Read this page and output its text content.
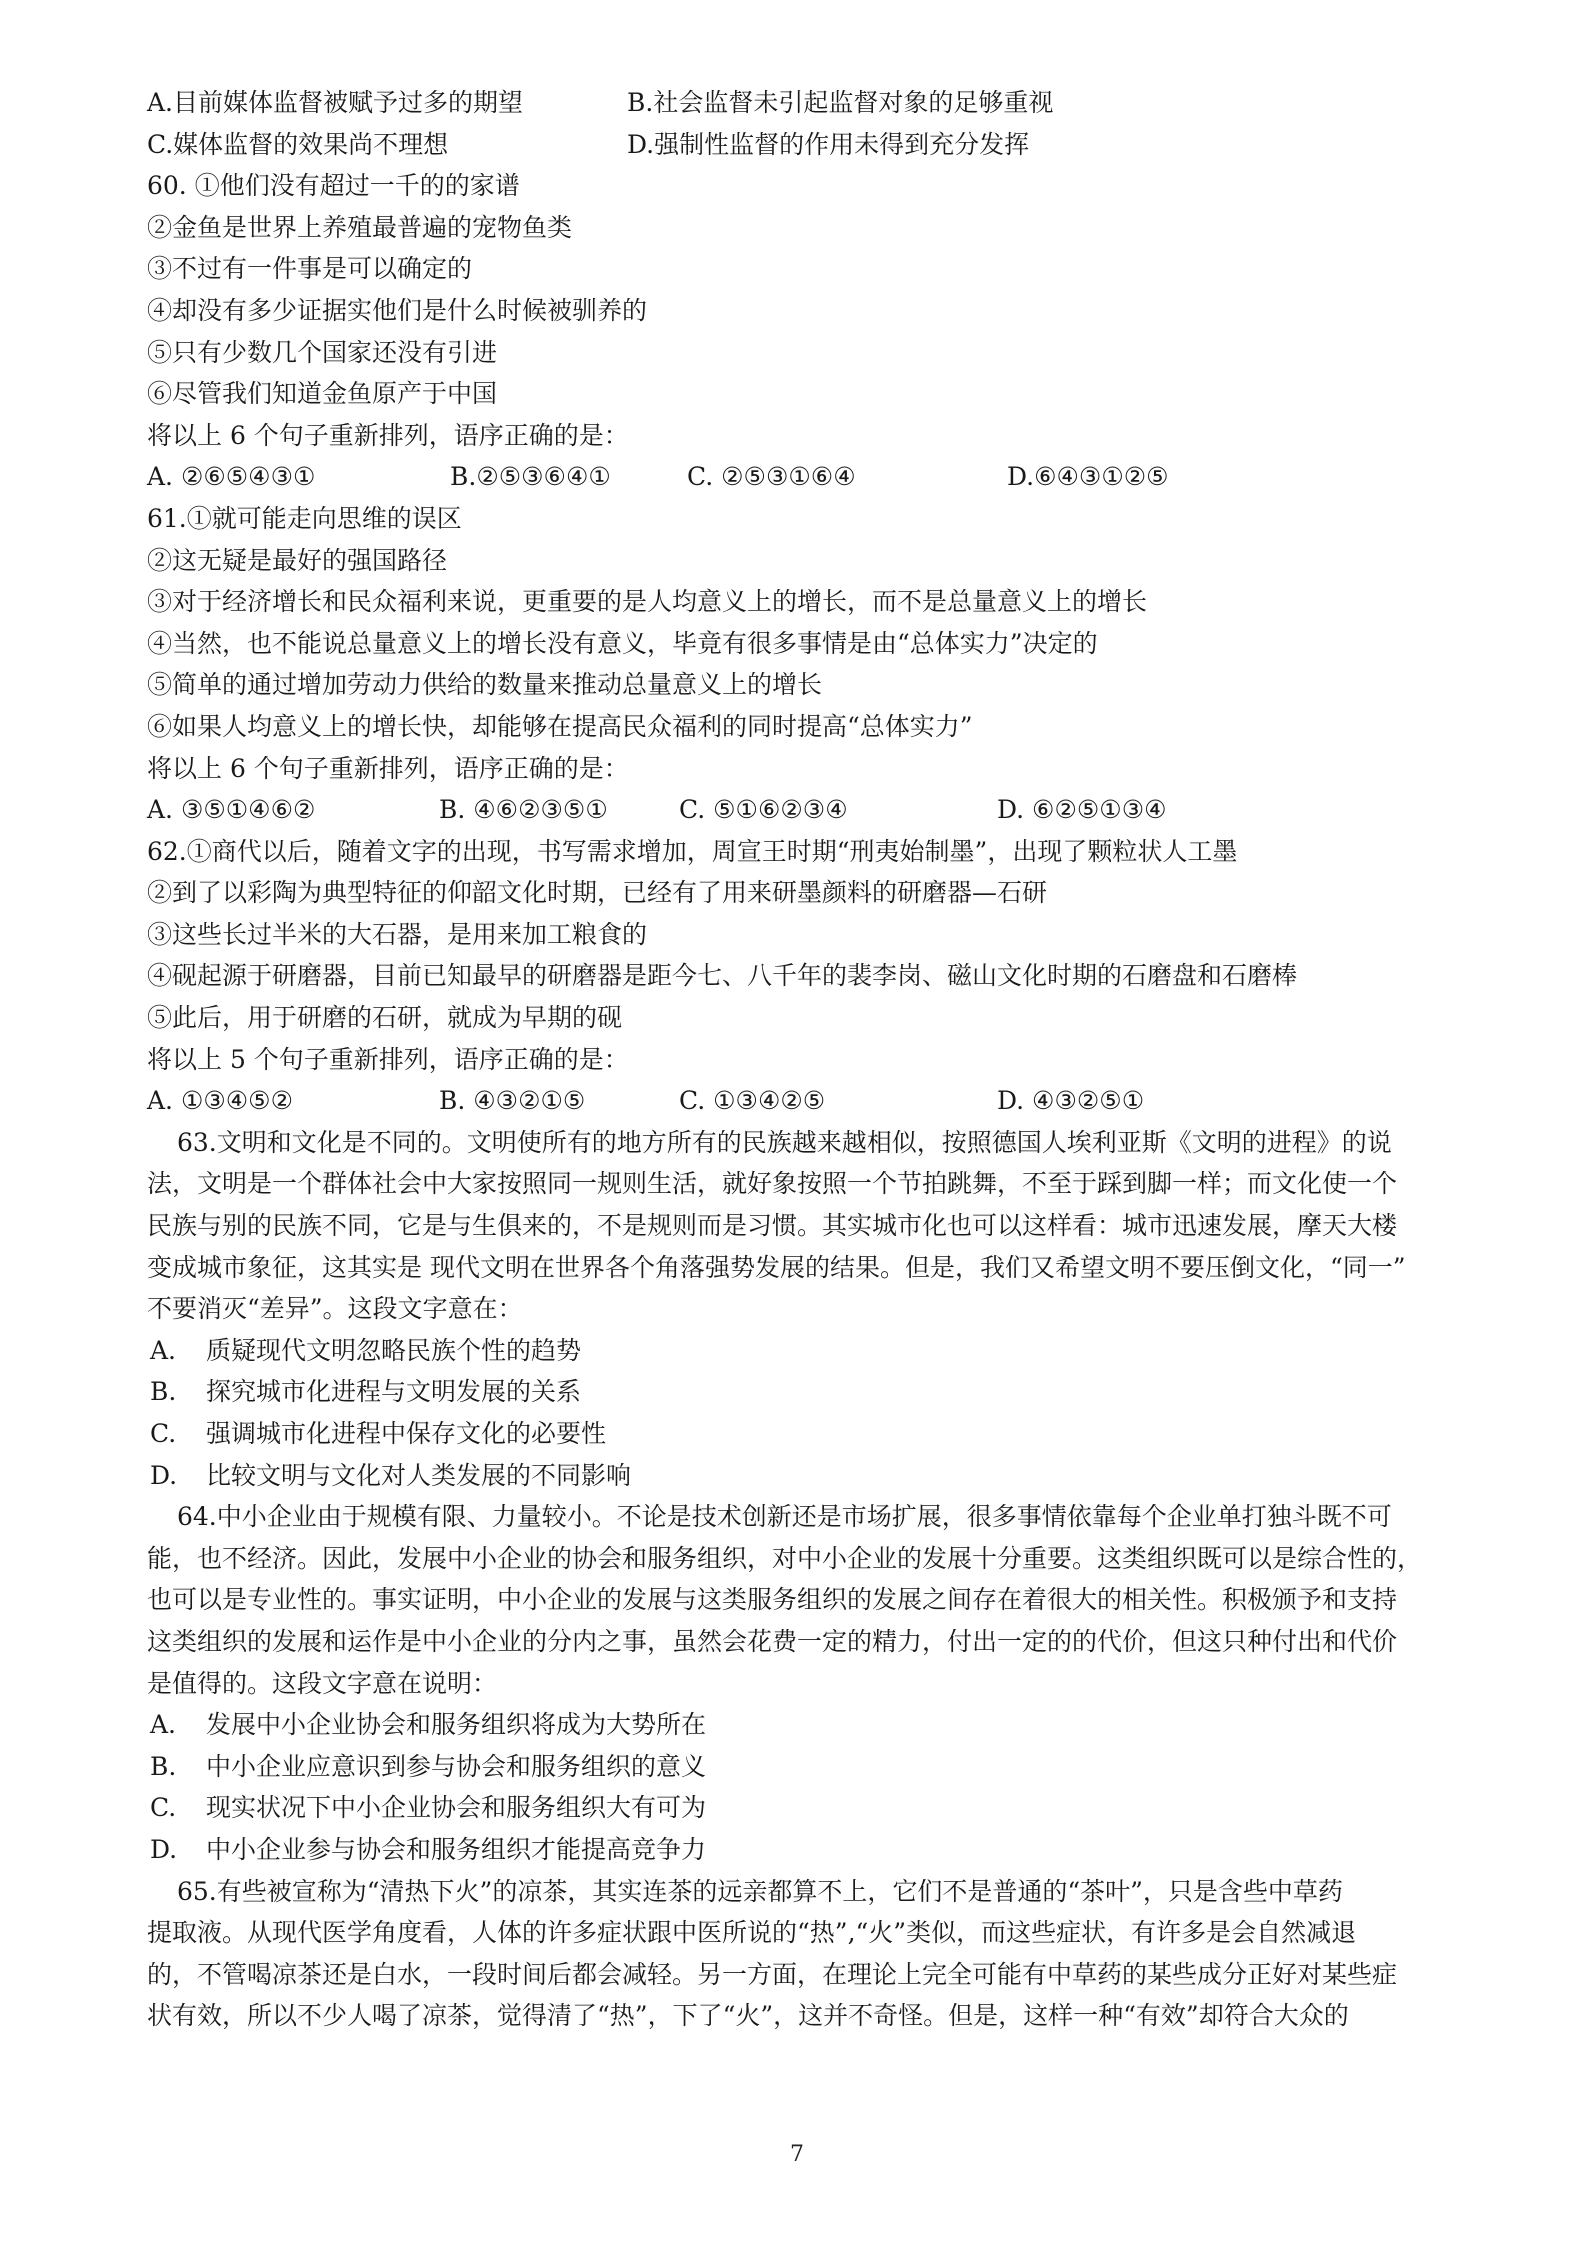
A.目前媒体监督被赋予过多的期望	B.社会监督未引起监督对象的足够重视
C.媒体监督的效果尚不理想	D.强制性监督的作用未得到充分发挥
60. ①他们没有超过一千的的家谱
②金鱼是世界上养殖最普遍的宠物鱼类
③不过有一件事是可以确定的
④却没有多少证据实他们是什么时候被驯养的
⑤只有少数几个国家还没有引进
⑥尽管我们知道金鱼原产于中国
将以上 6 个句子重新排列，语序正确的是：
A. ②⑥⑤④③①	B.②⑤③⑥④①	C. ②⑤③①⑥④	D.⑥④③①②⑤
61.①就可能走向思维的误区
②这无疑是最好的强国路径
③对于经济增长和民众福利来说，更重要的是人均意义上的增长，而不是总量意义上的增长
④当然，也不能说总量意义上的增长没有意义，毕竟有很多事情是由“总体实力”决定的
⑤简单的通过增加劳动力供给的数量来推动总量意义上的增长
⑥如果人均意义上的增长快，却能够在提高民众福利的同时提高“总体实力”
将以上 6 个句子重新排列，语序正确的是：
A. ③⑤①④⑥②	B. ④⑥②③⑤①	C. ⑤①⑥②③④	D. ⑥②⑤①③④
62.①商代以后，随着文字的出现，书写需求增加，周宣王时期“刑夷始制墨”，出现了颗粒状人工墨
②到了以彩陶为典型特征的仰韶文化时期，已经有了用来研墨颜料的研磨器—石研
③这些长过半米的大石器，是用来加工粮食的
④砚起源于研磨器，目前已知最早的研磨器是距今七、八千年的裴李岗、磁山文化时期的石磨盘和石磨棒
⑤此后，用于研磨的石研，就成为早期的砚
将以上 5 个句子重新排列，语序正确的是：
A. ①③④⑤②	B. ④③②①⑤	C. ①③④②⑤	D. ④③②⑤①
63.文明和文化是不同的。文明使所有的地方所有的民族越来越相似，按照德国人埃利亚斯《文明的进程》的说
法，文明是一个群体社会中大家按照同一规则生活，就好象按照一个节拍跳舞，不至于踩到脚一样；而文化使一个
民族与别的民族不同，它是与生俱来的，不是规则而是习惯。其实城市化也可以这样看：城市迅速发展，摩天大楼
变成城市象征，这其实是 现代文明在世界各个角落强势发展的结果。但是，我们又希望文明不要压倒文化，“同一”
不要消灭“差异”。这段文字意在：
A. 质疑现代文明忽略民族个性的趋势
B. 探究城市化进程与文明发展的关系
C. 强调城市化进程中保存文化的必要性
D. 比较文明与文化对人类发展的不同影响
64.中小企业由于规模有限、力量较小。不论是技术创新还是市场扩展，很多事情依靠每个企业单打独斗既不可
能，也不经济。因此，发展中小企业的协会和服务组织，对中小企业的发展十分重要。这类组织既可以是综合性的，
也可以是专业性的。事实证明，中小企业的发展与这类服务组织的发展之间存在着很大的相关性。积极颁予和支持
这类组织的发展和运作是中小企业的分内之事，虽然会花费一定的精力，付出一定的的代价，但这只种付出和代价
是值得的。这段文字意在说明：
A. 发展中小企业协会和服务组织将成为大势所在
B. 中小企业应意识到参与协会和服务组织的意义
C. 现实状况下中小企业协会和服务组织大有可为
D. 中小企业参与协会和服务组织才能提高竞争力
65.有些被宣称为“清热下火”的凉茶，其实连茶的远亲都算不上，它们不是普通的“茶叶”，只是含些中草药
提取液。从现代医学角度看，人体的许多症状跟中医所说的“热”,“火”类似，而这些症状，有许多是会自然减退
的，不管喝凉茶还是白水，一段时间后都会减轻。另一方面，在理论上完全可能有中草药的某些成分正好对某些症
状有效，所以不少人喝了凉茶，觉得清了“热”，下了“火”，这并不奇怪。但是，这样一种“有效”却符合大众的
7
